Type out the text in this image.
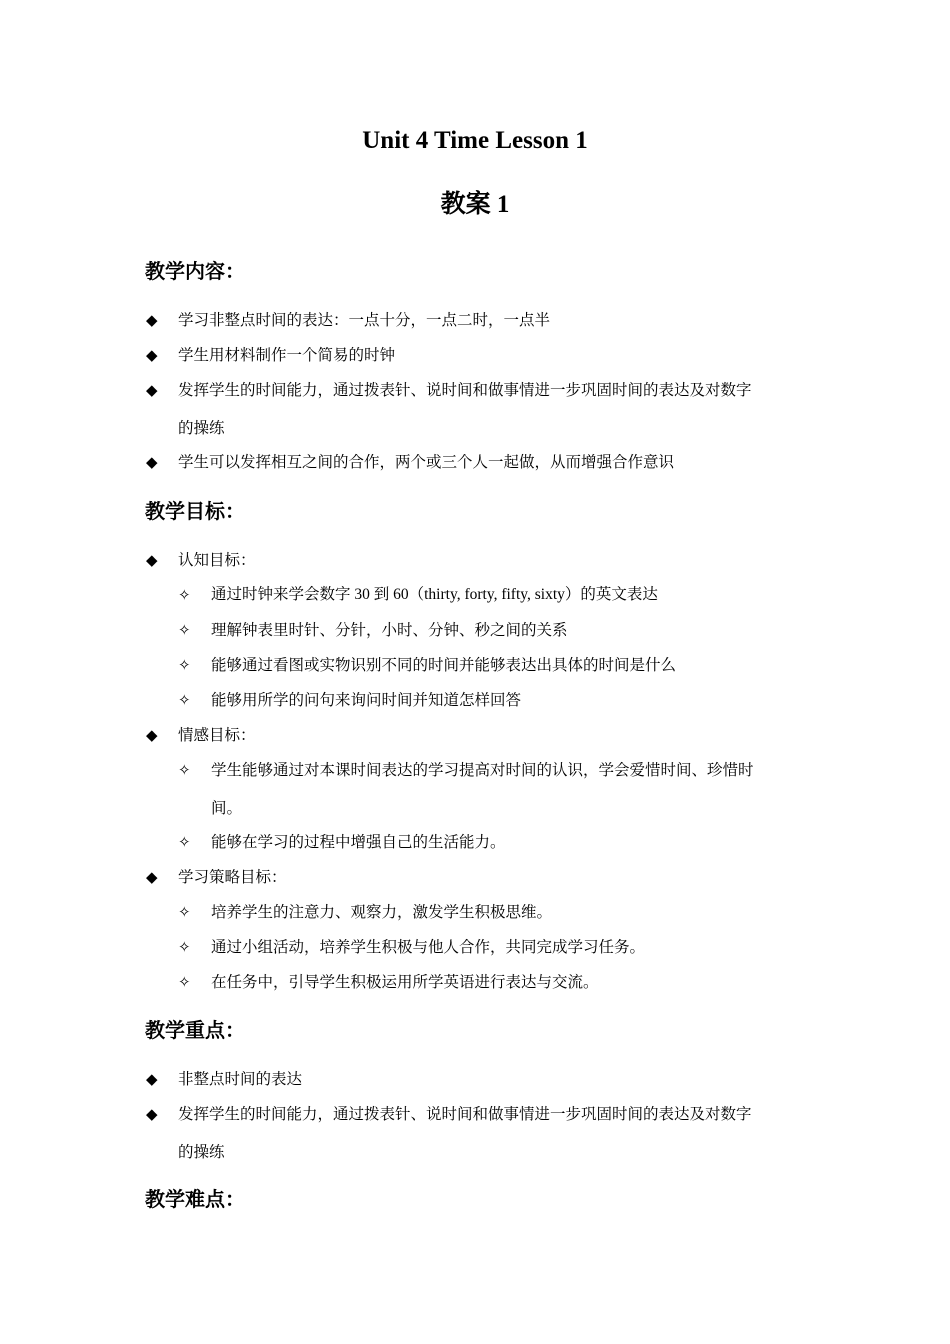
Unit 4 Time Lesson 1
教案 1
教学内容：
◆ 学习非整点时间的表达：一点十分，一点二时，一点半
◆ 学生用材料制作一个简易的时钟
◆ 发挥学生的时间能力，通过拨表针、说时间和做事情进一步巩固时间的表达及对数字
的操练
◆ 学生可以发挥相互之间的合作，两个或三个人一起做，从而增强合作意识
教学目标：
◆ 认知目标：
✧ 通过时钟来学会数字 30 到 60（thirty, forty, fifty, sixty）的英文表达
✧ 理解钟表里时针、分针，小时、分钟、秒之间的关系
✧ 能够通过看图或实物识别不同的时间并能够表达出具体的时间是什么
✧ 能够用所学的问句来询问时间并知道怎样回答
◆ 情感目标：
✧ 学生能够通过对本课时间表达的学习提高对时间的认识，学会爱惜时间、珍惜时
间。
✧ 能够在学习的过程中增强自己的生活能力。
◆ 学习策略目标：
✧ 培养学生的注意力、观察力，激发学生积极思维。
✧ 通过小组活动，培养学生积极与他人合作，共同完成学习任务。
✧ 在任务中，引导学生积极运用所学英语进行表达与交流。
教学重点：
◆ 非整点时间的表达
◆ 发挥学生的时间能力，通过拨表针、说时间和做事情进一步巩固时间的表达及对数字
的操练
教学难点：
